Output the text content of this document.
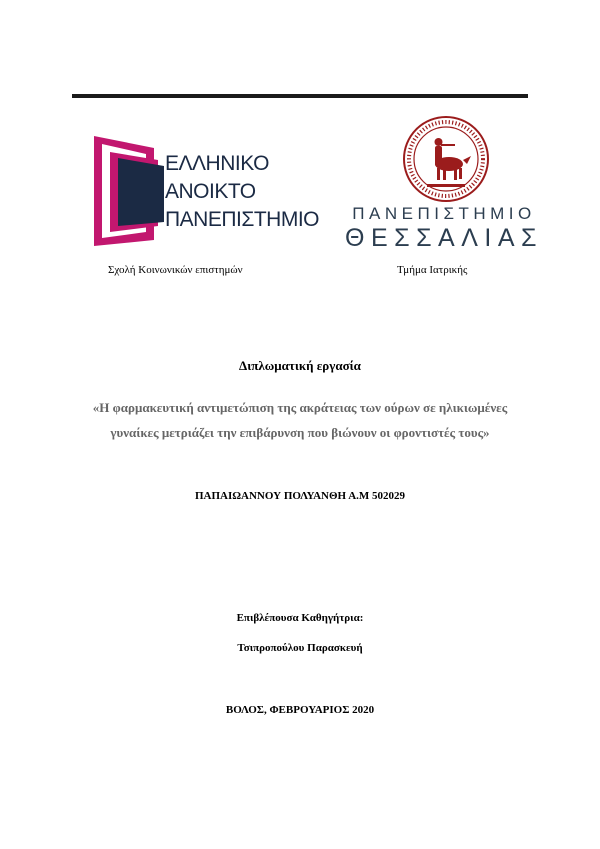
ΕΛΛΗΝΙΚΟ
ΑΝΟΙΚΤΟ
ΠΑΝΕΠΙΣΤΗΜΙΟ	ΠΑΝΕΠΙΣΤΗΜΙΟ
ΘΕΣΣΑΛΙΑΣ
Σχολή Κοινωνικών επιστημών	Τμήμα Ιατρικής
Διπλωματική εργασία
«Η φαρμακευτική αντιμετώπιση της ακράτειας των ούρων σε ηλικιωμένες
γυναίκες μετριάζει την επιβάρυνση που βιώνουν οι φροντιστές τους»
ΠΑΠΑΙΩΑΝΝΟΥ ΠΟΛΥΑΝΘΗ Α.Μ 502029
Επιβλέπουσα Καθηγήτρια:
Τσιπροπούλου Παρασκευή
ΒΟΛΟΣ, ΦΕΒΡΟΥΑΡΙΟΣ 2020
